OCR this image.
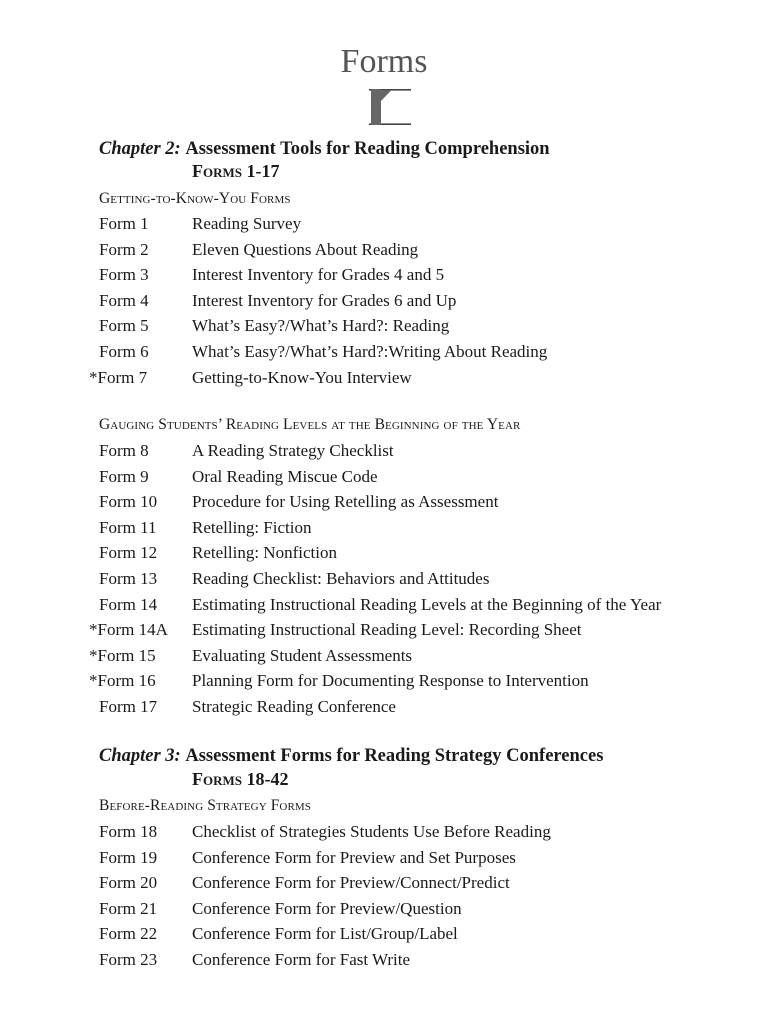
Forms
Chapter 2: Assessment Tools for Reading Comprehension
Forms 1-17
Getting-to-Know-You Forms
Form 1	Reading Survey
Form 2	Eleven Questions About Reading
Form 3	Interest Inventory for Grades 4 and 5
Form 4	Interest Inventory for Grades 6 and Up
Form 5	What’s Easy?/What’s Hard?: Reading
Form 6	What’s Easy?/What’s Hard?:Writing About Reading
*Form 7	Getting-to-Know-You Interview
Gauging Students’ Reading Levels at the Beginning of the Year
Form 8	A Reading Strategy Checklist
Form 9	Oral Reading Miscue Code
Form 10 Procedure for Using Retelling as Assessment
Form 11 Retelling: Fiction
Form 12 Retelling: Nonfiction
Form 13 Reading Checklist: Behaviors and Attitudes
Form 14 Estimating Instructional Reading Levels at the Beginning of the Year
*Form 14A Estimating Instructional Reading Level: Recording Sheet
*Form 15 Evaluating Student Assessments
*Form 16 Planning Form for Documenting Response to Intervention
Form 17 Strategic Reading Conference
Chapter 3: Assessment Forms for Reading Strategy Conferences
Forms 18-42
Before-Reading Strategy Forms
Form 18 Checklist of Strategies Students Use Before Reading
Form 19 Conference Form for Preview and Set Purposes
Form 20 Conference Form for Preview/Connect/Predict
Form 21 Conference Form for Preview/Question
Form 22 Conference Form for List/Group/Label
Form 23 Conference Form for Fast Write
